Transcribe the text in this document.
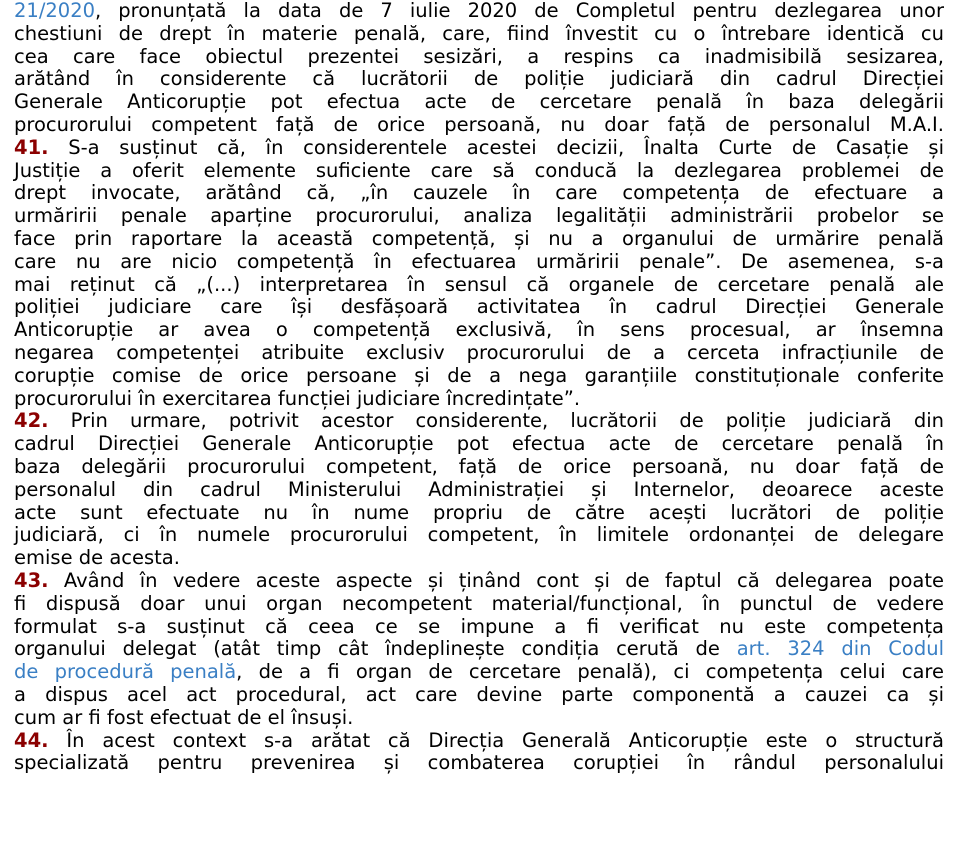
21/2020, pronunțată la data de 7 iulie 2020 de Completul pentru dezlegarea unor
chestiuni de drept în materie penală, care, fiind învestit cu o întrebare identică cu
cea care face obiectul prezentei sesizări, a respins ca inadmisibilă sesizarea,
arătând în considerente că lucrătorii de poliție judiciară din cadrul Direcției
Generale Anticorupție pot efectua acte de cercetare penală în baza delegării
procurorului competent față de orice persoană, nu doar față de personalul M.A.I.
41. S-a susținut că, în considerentele acestei decizii, Înalta Curte de Casație și
Justiție a oferit elemente suficiente care să conducă la dezlegarea problemei de
drept invocate, arătând că, „în cauzele în care competența de efectuare a
urmăririi penale aparține procurorului, analiza legalității administrării probelor se
face prin raportare la această competență, și nu a organului de urmărire penală
care nu are nicio competență în efectuarea urmăririi penale”. De asemenea, s-a
mai reținut că „(...) interpretarea în sensul că organele de cercetare penală ale
poliției judiciare care își desfășoară activitatea în cadrul Direcției Generale
Anticorupție ar avea o competență exclusivă, în sens procesual, ar însemna
negarea competenței atribuite exclusiv procurorului de a cerceta infracțiunile de
corupție comise de orice persoane și de a nega garanțiile constituționale conferite
procurorului în exercitarea funcției judiciare încredințate”.
42. Prin urmare, potrivit acestor considerente, lucrătorii de poliție judiciară din
cadrul Direcției Generale Anticorupție pot efectua acte de cercetare penală în
baza delegării procurorului competent, față de orice persoană, nu doar față de
personalul din cadrul Ministerului Administrației și Internelor, deoarece aceste
acte sunt efectuate nu în nume propriu de către acești lucrători de poliție
judiciară, ci în numele procurorului competent, în limitele ordonanței de delegare
emise de acesta.
43. Având în vedere aceste aspecte și ținând cont și de faptul că delegarea poate
fi dispusă doar unui organ necompetent material/funcțional, în punctul de vedere
formulat s-a susținut că ceea ce se impune a fi verificat nu este competența
organului delegat (atât timp cât îndeplinește condiția cerută de art. 324 din Codul
de procedură penală, de a fi organ de cercetare penală), ci competența celui care
a dispus acel act procedural, act care devine parte componentă a cauzei ca și
cum ar fi fost efectuat de el însuși.
44. În acest context s-a arătat că Direcția Generală Anticorupție este o structură
specializată pentru prevenirea și combaterea corupției în rândul personalului
